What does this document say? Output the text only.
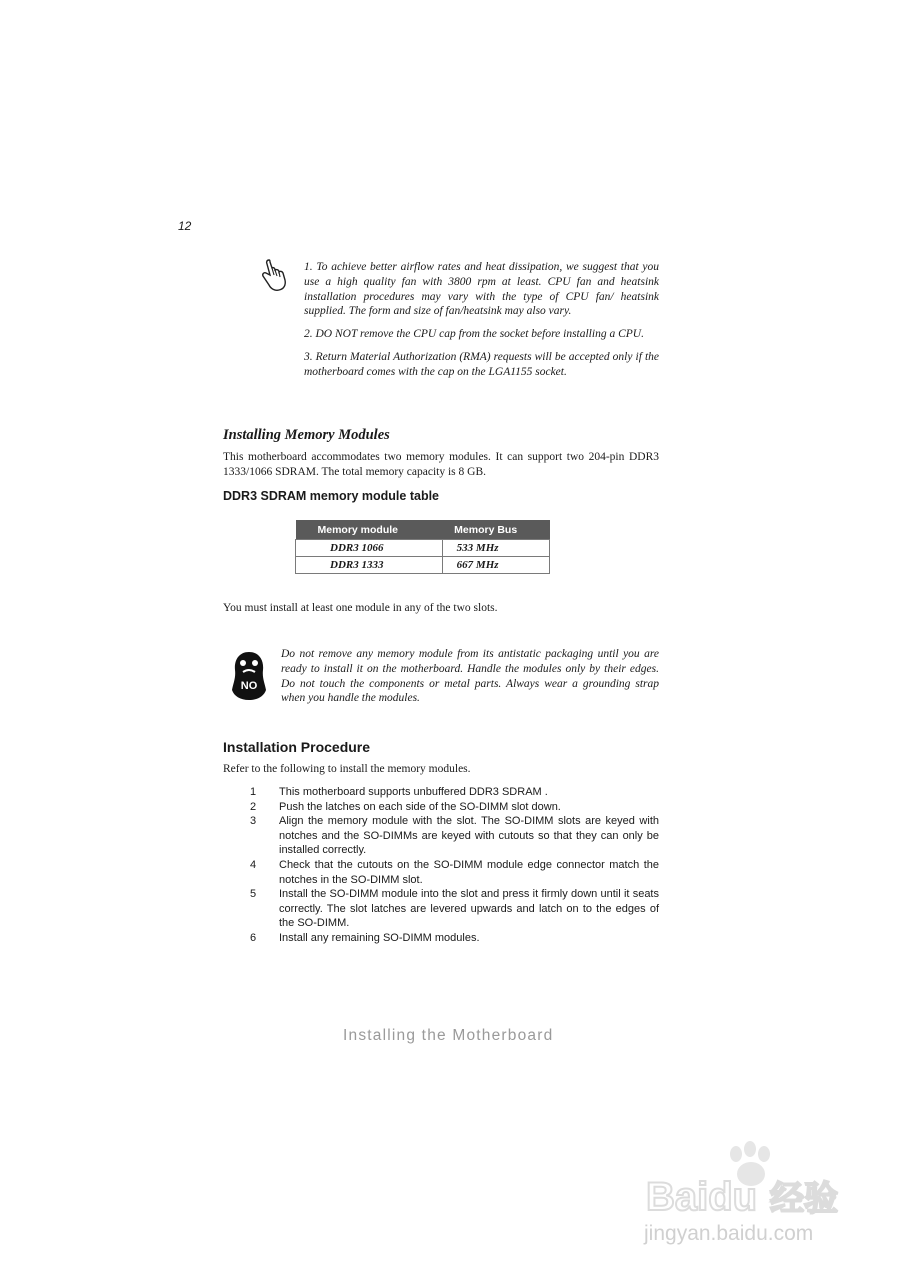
12

1. To achieve better airflow rates and heat dissipation, we suggest that you use a high quality fan with 3800 rpm at least. CPU fan and heatsink installation procedures may vary with the type of CPU fan/ heatsink supplied. The form and size of fan/heatsink may also vary.

2. DO NOT remove the CPU cap from the socket before installing a CPU.

3. Return Material Authorization (RMA) requests will be accepted only if the motherboard comes with the cap on the LGA1155 socket.

Installing Memory Modules
This motherboard accommodates two memory modules. It can support two 204-pin DDR3 1333/1066 SDRAM. The total memory capacity is 8 GB.
DDR3 SDRAM memory module table
Memory module	Memory Bus
DDR3 1066	533 MHz
DDR3 1333	667 MHz
You must install at least one module in any of the two slots.
NO
Do not remove any memory module from its antistatic packaging until you are ready to install it on the motherboard. Handle the modules only by their edges. Do not touch the components or metal parts. Always wear a grounding strap when you handle the modules.
Installation Procedure
Refer to the following to install the memory modules.
1 This motherboard supports unbuffered DDR3 SDRAM .
2 Push the latches on each side of the SO-DIMM slot down.
3 Align the memory module with the slot. The SO-DIMM slots are keyed with notches and the SO-DIMMs are keyed with cutouts so that they can only be installed correctly.
4 Check that the cutouts on the SO-DIMM module edge connector match the notches in the SO-DIMM slot.
5 Install the SO-DIMM module into the slot and press it firmly down until it seats correctly. The slot latches are levered upwards and latch on to the edges of the SO-DIMM.
6 Install any remaining SO-DIMM modules.
Installing the Motherboard
Baidu 经验
jingyan.baidu.com
